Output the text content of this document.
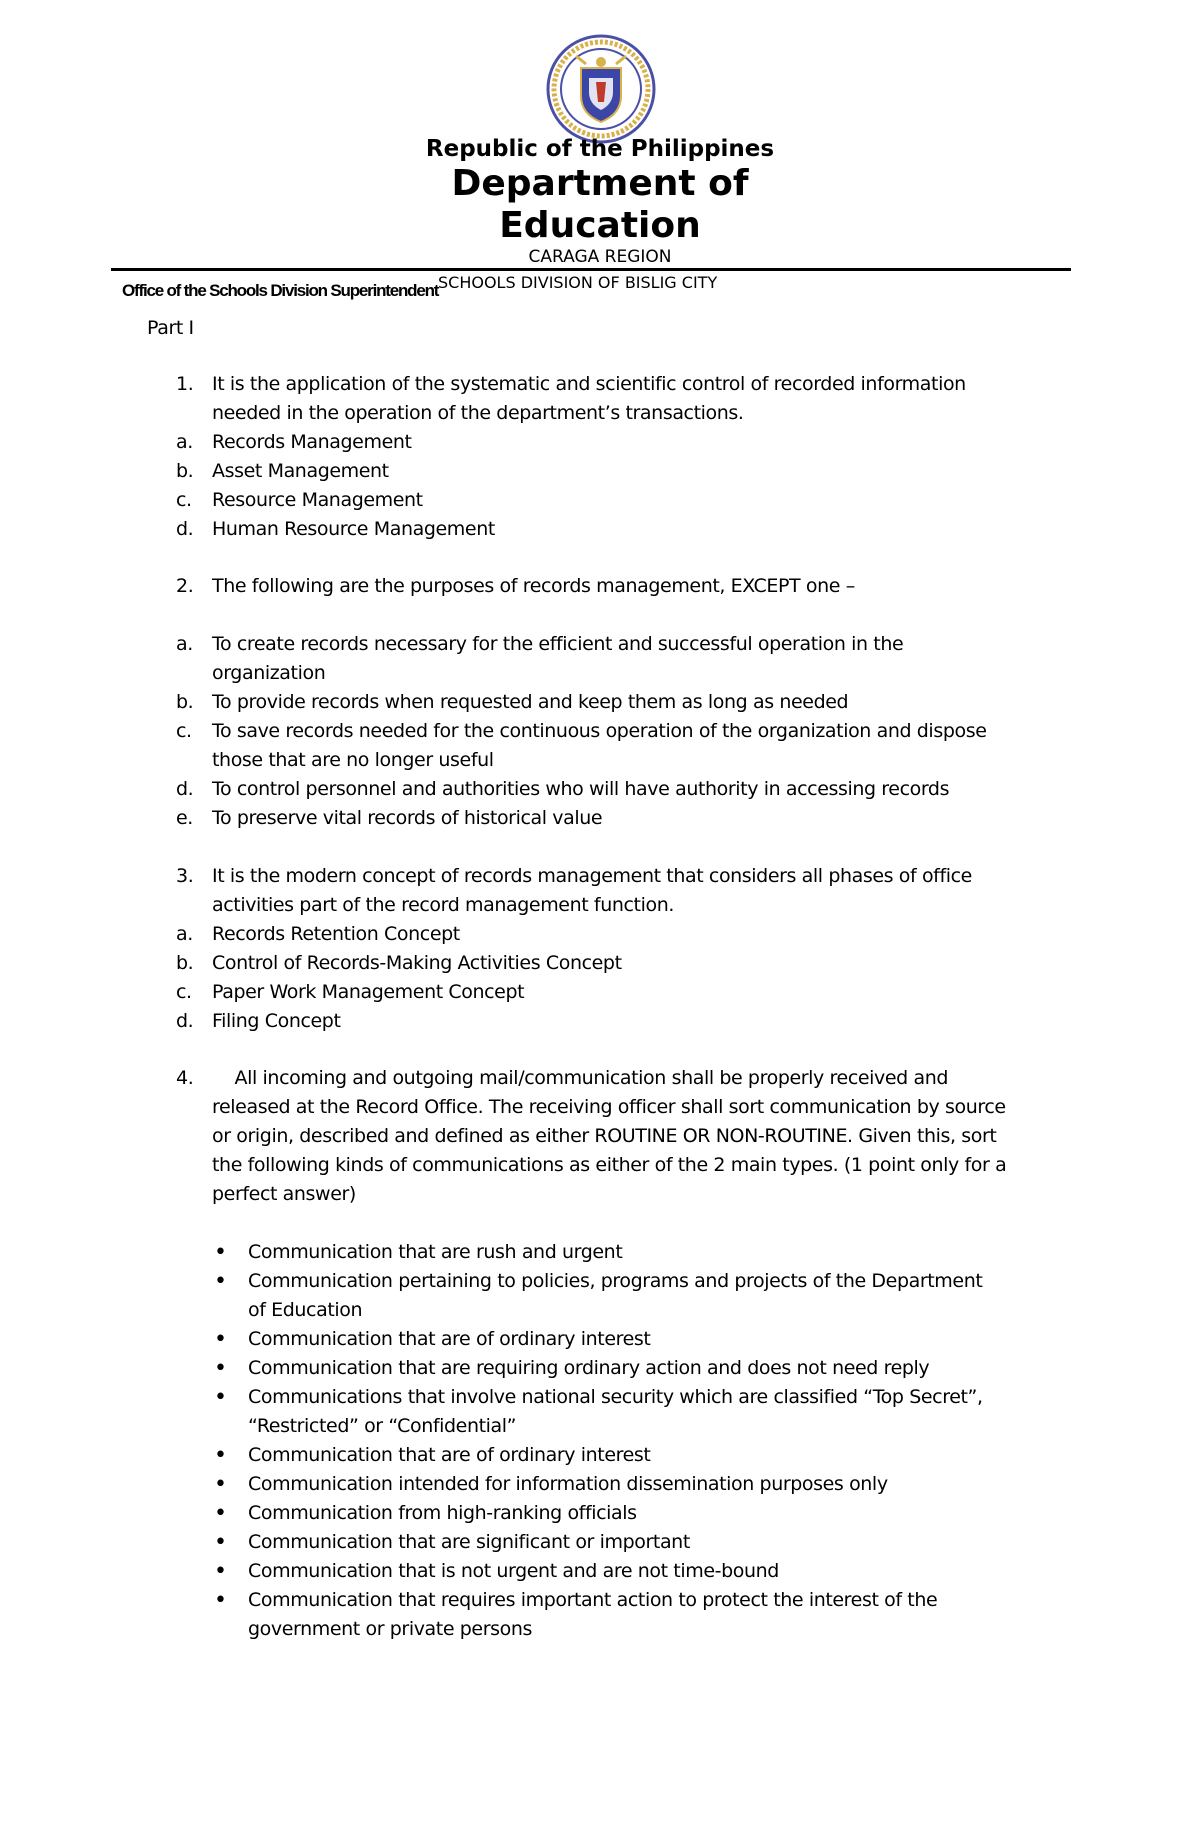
Republic of the Philippines
Department of
Education
CARAGA REGION
Office of the Schools Division Superintendent SCHOOLS DIVISION OF BISLIG CITY
Part I
1. It is the application of the systematic and scientific control of recorded information
needed in the operation of the department’s transactions.
a. Records Management
b. Asset Management
c. Resource Management
d. Human Resource Management
2. The following are the purposes of records management, EXCEPT one –
a. To create records necessary for the efficient and successful operation in the
organization
b. To provide records when requested and keep them as long as needed
c. To save records needed for the continuous operation of the organization and dispose
those that are no longer useful
d. To control personnel and authorities who will have authority in accessing records
e. To preserve vital records of historical value
3. It is the modern concept of records management that considers all phases of office
activities part of the record management function.
a. Records Retention Concept
b. Control of Records-Making Activities Concept
c. Paper Work Management Concept
d. Filing Concept
4. All incoming and outgoing mail/communication shall be properly received and
released at the Record Office. The receiving officer shall sort communication by source
or origin, described and defined as either ROUTINE OR NON-ROUTINE. Given this, sort
the following kinds of communications as either of the 2 main types. (1 point only for a
perfect answer)
• Communication that are rush and urgent
• Communication pertaining to policies, programs and projects of the Department
of Education
• Communication that are of ordinary interest
• Communication that are requiring ordinary action and does not need reply
• Communications that involve national security which are classified “Top Secret”,
“Restricted” or “Confidential”
• Communication that are of ordinary interest
• Communication intended for information dissemination purposes only
• Communication from high-ranking officials
• Communication that are significant or important
• Communication that is not urgent and are not time-bound
• Communication that requires important action to protect the interest of the
government or private persons
